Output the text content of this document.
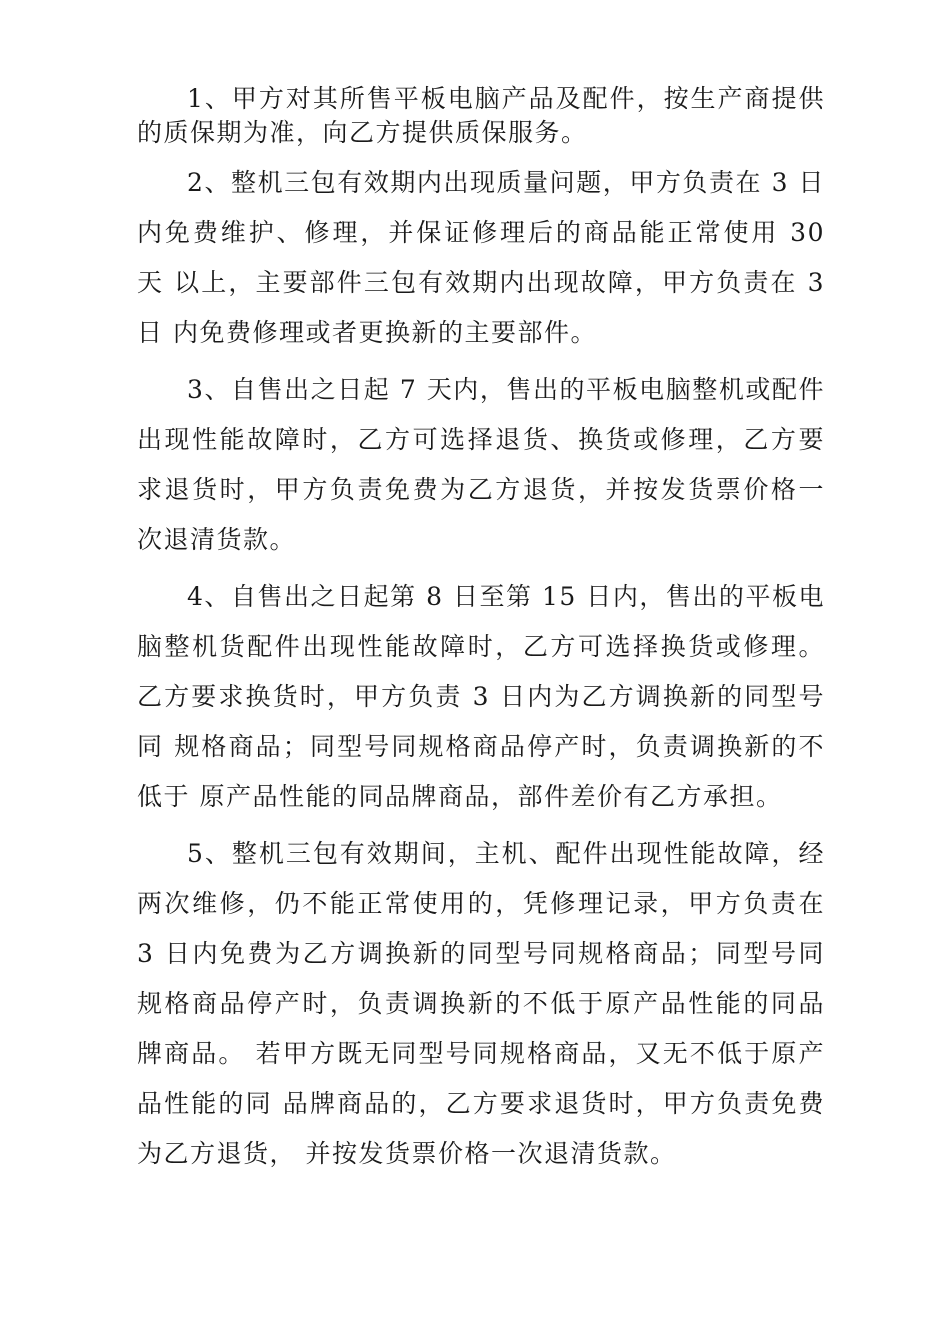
1、甲方对其所售平板电脑产品及配件，按生产商提供的质保期为准，向乙方提供质保服务。

2、整机三包有效期内出现质量问题，甲方负责在 3 日内免费维护、修理，并保证修理后的商品能正常使用 30 天 以上，主要部件三包有效期内出现故障，甲方负责在 3 日 内免费修理或者更换新的主要部件。

3、自售出之日起 7 天内，售出的平板电脑整机或配件出现性能故障时，乙方可选择退货、换货或修理，乙方要求退货时，甲方负责免费为乙方退货，并按发货票价格一次退清货款。

4、自售出之日起第 8 日至第 15 日内，售出的平板电脑整机货配件出现性能故障时，乙方可选择换货或修理。乙方要求换货时，甲方负责 3 日内为乙方调换新的同型号同 规格商品；同型号同规格商品停产时，负责调换新的不低于 原产品性能的同品牌商品，部件差价有乙方承担。

5、整机三包有效期间，主机、配件出现性能故障，经两次维修，仍不能正常使用的，凭修理记录，甲方负责在 3 日内免费为乙方调换新的同型号同规格商品；同型号同规格商品停产时，负责调换新的不低于原产品性能的同品牌商品。 若甲方既无同型号同规格商品，又无不低于原产品性能的同 品牌商品的，乙方要求退货时，甲方负责免费为乙方退货， 并按发货票价格一次退清货款。
